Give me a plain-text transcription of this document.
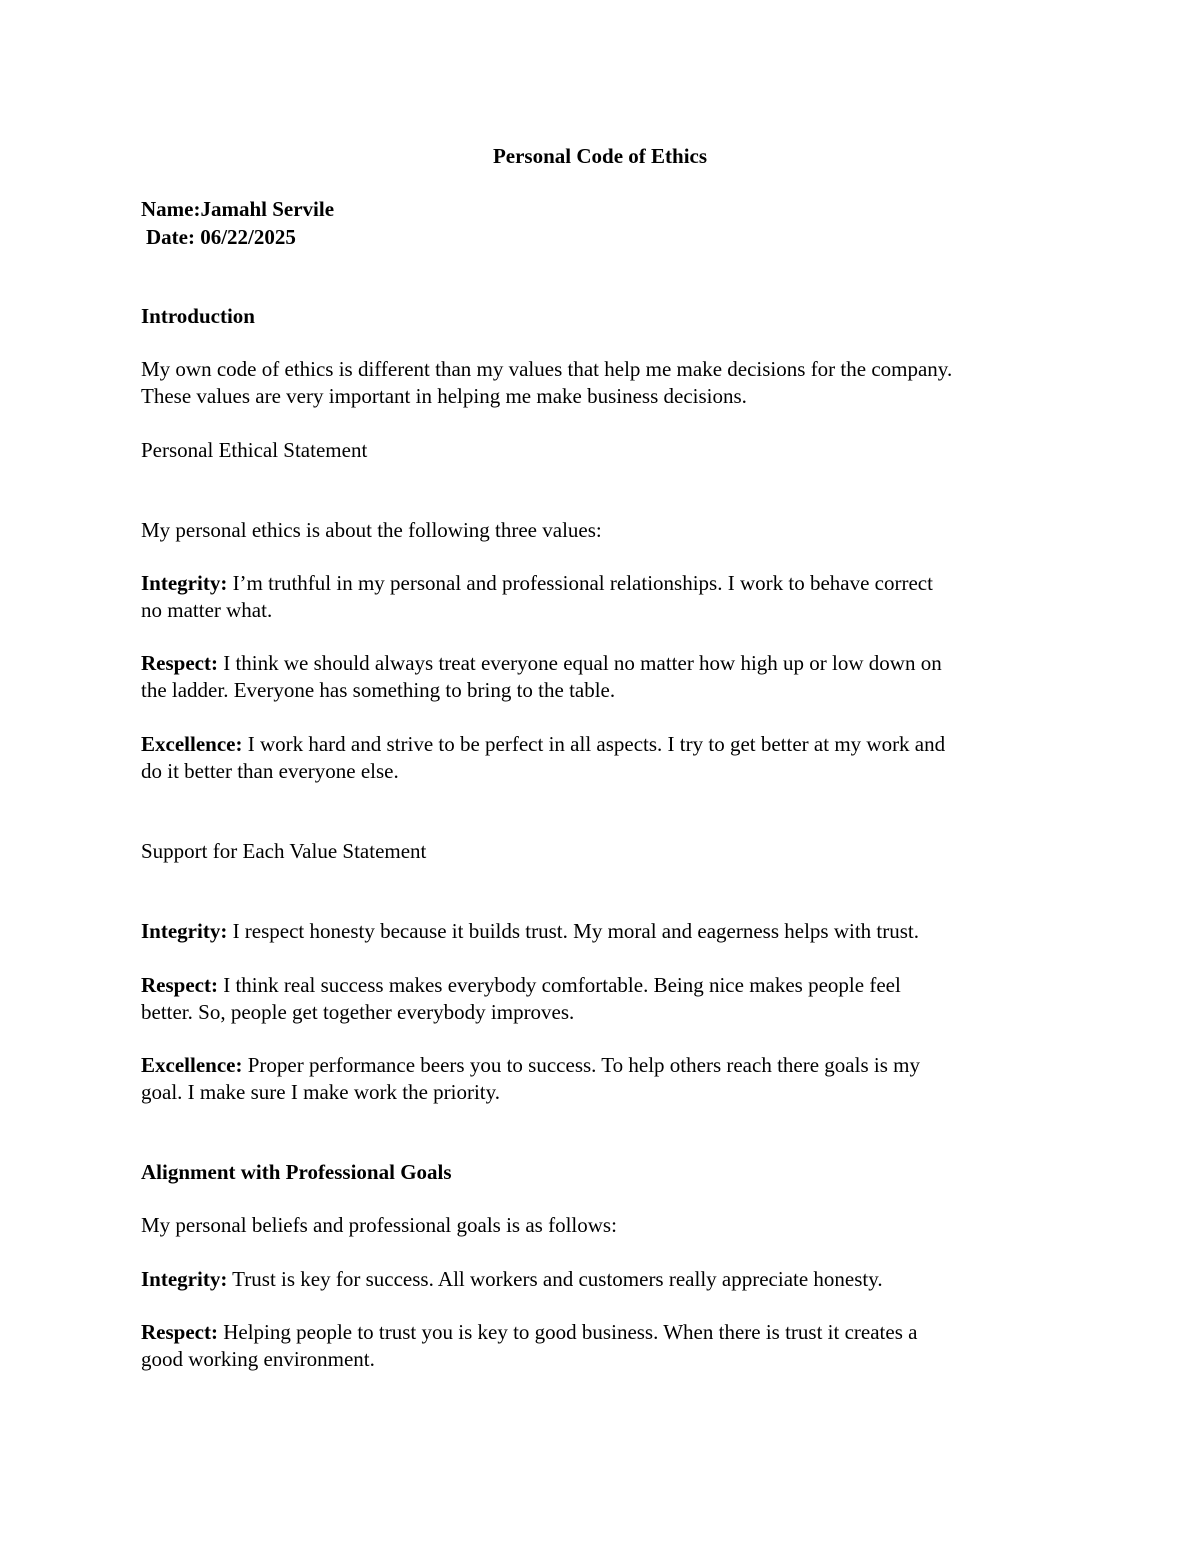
Personal Code of Ethics
Name:Jamahl Servile
Date: 06/22/2025
Introduction
My own code of ethics is different than my values that help me make decisions for the company.
These values are very important in helping me make business decisions.
Personal Ethical Statement
My personal ethics is about the following three values:
Integrity: I’m truthful in my personal and professional relationships. I work to behave correct
no matter what.
Respect: I think we should always treat everyone equal no matter how high up or low down on
the ladder. Everyone has something to bring to the table.
Excellence: I work hard and strive to be perfect in all aspects. I try to get better at my work and
do it better than everyone else.
Support for Each Value Statement
Integrity: I respect honesty because it builds trust. My moral and eagerness helps with trust.
Respect: I think real success makes everybody comfortable. Being nice makes people feel
better. So, people get together everybody improves.
Excellence: Proper performance beers you to success. To help others reach there goals is my
goal. I make sure I make work the priority.
Alignment with Professional Goals
My personal beliefs and professional goals is as follows:
Integrity: Trust is key for success. All workers and customers really appreciate honesty.
Respect: Helping people to trust you is key to good business. When there is trust it creates a
good working environment.
